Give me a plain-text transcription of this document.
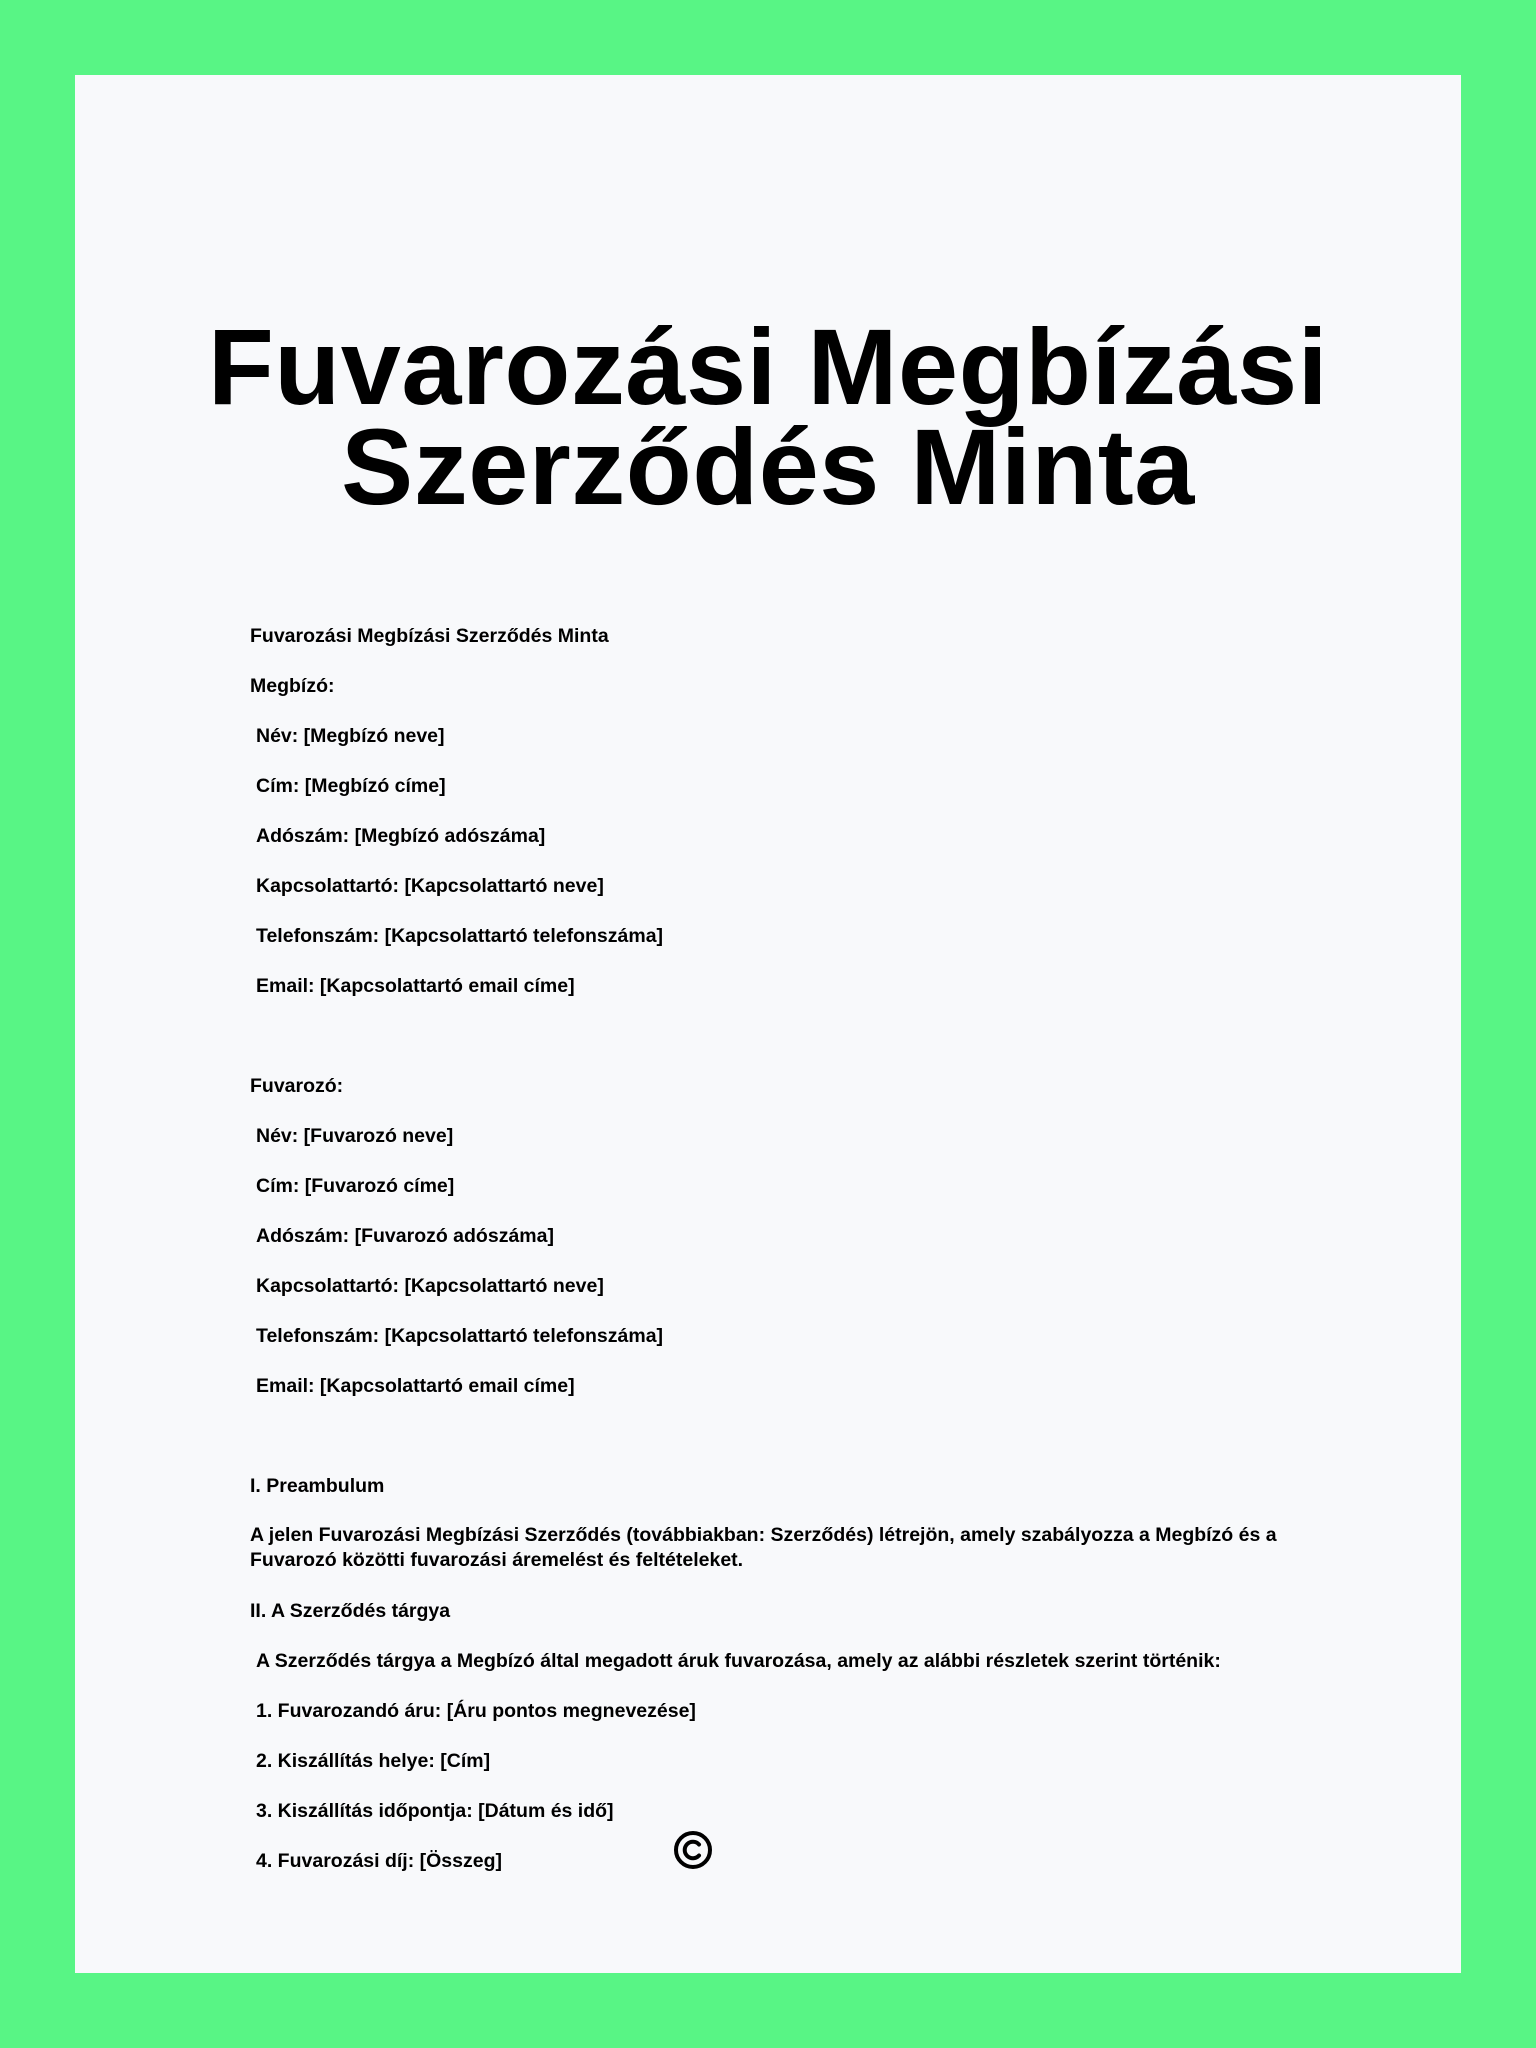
Fuvarozási Megbízási
Szerződés Minta
Fuvarozási Megbízási Szerződés Minta
Megbízó:
Név: [Megbízó neve]
Cím: [Megbízó címe]
Adószám: [Megbízó adószáma]
Kapcsolattartó: [Kapcsolattartó neve]
Telefonszám: [Kapcsolattartó telefonszáma]
Email: [Kapcsolattartó email címe]
Fuvarozó:
Név: [Fuvarozó neve]
Cím: [Fuvarozó címe]
Adószám: [Fuvarozó adószáma]
Kapcsolattartó: [Kapcsolattartó neve]
Telefonszám: [Kapcsolattartó telefonszáma]
Email: [Kapcsolattartó email címe]
I. Preambulum
A jelen Fuvarozási Megbízási Szerződés (továbbiakban: Szerződés) létrejön, amely szabályozza a Megbízó és a Fuvarozó közötti fuvarozási áremelést és feltételeket.
II. A Szerződés tárgya
A Szerződés tárgya a Megbízó által megadott áruk fuvarozása, amely az alábbi részletek szerint történik:
1. Fuvarozandó áru: [Áru pontos megnevezése]
2. Kiszállítás helye: [Cím]
3. Kiszállítás időpontja: [Dátum és idő]
4. Fuvarozási díj: [Összeg]
